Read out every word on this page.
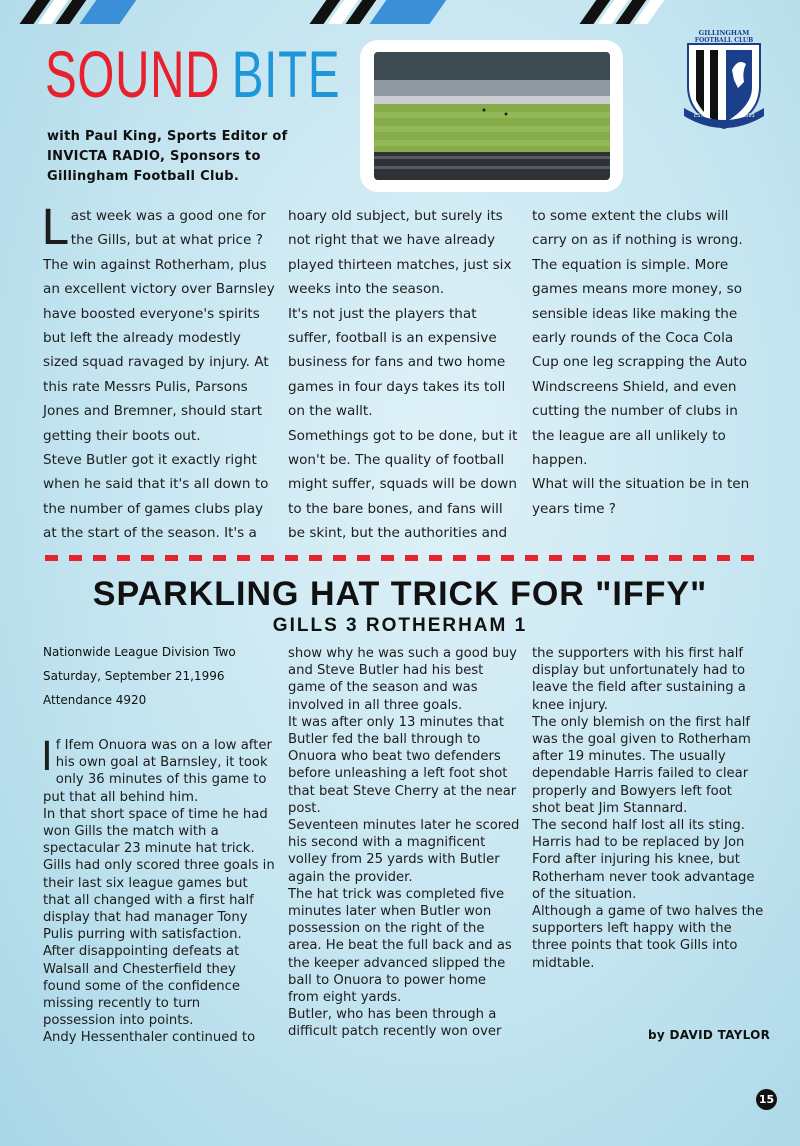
SOUND BITE

with Paul King, Sports Editor of INVICTA RADIO, Sponsors to Gillingham Football Club.

GILLINGHAM
FOOTBALL CLUB
EST.	1893
L ast week was a good one for the Gills, but at what price ?

The win against Rotherham, plus an excellent victory over Barnsley have boosted everyone's spirits but left the already modestly sized squad ravaged by injury. At this rate Messrs Pulis, Parsons Jones and Bremner, should start getting their boots out.

Steve Butler got it exactly right when he said that it's all down to the number of games clubs play at the start of the season. It's a

hoary old subject, but surely its not right that we have already played thirteen matches, just six weeks into the season.

It's not just the players that suffer, football is an expensive business for fans and two home games in four days takes its toll on the wallt.

Somethings got to be done, but it won't be. The quality of football might suffer, squads will be down to the bare bones, and fans will be skint, but the authorities and

to some extent the clubs will carry on as if nothing is wrong.

The equation is simple. More games means more money, so sensible ideas like making the early rounds of the Coca Cola Cup one leg scrapping the Auto Windscreens Shield, and even cutting the number of clubs in the league are all unlikely to happen.

What will the situation be in ten years time ?

SPARKLING HAT TRICK FOR "IFFY"
GILLS 3 ROTHERHAM 1
Nationwide League Division Two
Saturday, September 21,1996
Attendance 4920
I f Ifem Onuora was on a low after his own goal at Barnsley, it took only 36 minutes of this game to put that all behind him.

In that short space of time he had won Gills the match with a spectacular 23 minute hat trick.

Gills had only scored three goals in their last six league games but that all changed with a first half display that had manager Tony Pulis purring with satisfaction.

After disappointing defeats at Walsall and Chesterfield they found some of the confidence missing recently to turn possession into points.

Andy Hessenthaler continued to

show why he was such a good buy and Steve Butler had his best game of the season and was involved in all three goals.

It was after only 13 minutes that Butler fed the ball through to Onuora who beat two defenders before unleashing a left foot shot that beat Steve Cherry at the near post.

Seventeen minutes later he scored his second with a magnificent volley from 25 yards with Butler again the provider.

The hat trick was completed five minutes later when Butler won possession on the right of the area. He beat the full back and as the keeper advanced slipped the ball to Onuora to power home from eight yards.

Butler, who has been through a difficult patch recently won over

the supporters with his first half display but unfortunately had to leave the field after sustaining a knee injury.

The only blemish on the first half was the goal given to Rotherham after 19 minutes. The usually dependable Harris failed to clear properly and Bowyers left foot shot beat Jim Stannard.

The second half lost all its sting. Harris had to be replaced by Jon Ford after injuring his knee, but Rotherham never took advantage of the situation.

Although a game of two halves the supporters left happy with the three points that took Gills into midtable.

by DAVID TAYLOR
15
